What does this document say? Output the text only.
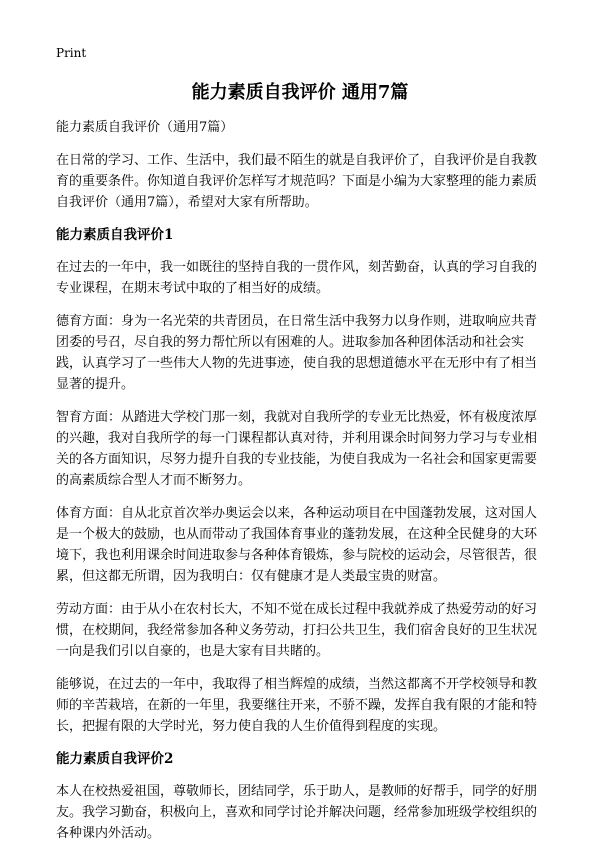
Print
能力素质自我评价 通用7篇
能力素质自我评价（通用7篇）

在日常的学习、工作、生活中，我们最不陌生的就是自我评价了，自我评价是自我教育的重要条件。你知道自我评价怎样写才规范吗？下面是小编为大家整理的能力素质自我评价（通用7篇），希望对大家有所帮助。

能力素质自我评价1

在过去的一年中，我一如既往的坚持自我的一贯作风，刻苦勤奋，认真的学习自我的专业课程，在期末考试中取的了相当好的成绩。

德育方面：身为一名光荣的共青团员，在日常生活中我努力以身作则，进取响应共青团委的号召，尽自我的努力帮忙所以有困难的人。进取参加各种团体活动和社会实践，认真学习了一些伟大人物的先进事迹，使自我的思想道德水平在无形中有了相当显著的提升。

智育方面：从踏进大学校门那一刻，我就对自我所学的专业无比热爱，怀有极度浓厚的兴趣，我对自我所学的每一门课程都认真对待，并利用课余时间努力学习与专业相关的各方面知识，尽努力提升自我的专业技能，为使自我成为一名社会和国家更需要的高素质综合型人才而不断努力。

体育方面：自从北京首次举办奥运会以来，各种运动项目在中国蓬勃发展，这对国人是一个极大的鼓励，也从而带动了我国体育事业的蓬勃发展，在这种全民健身的大环境下，我也利用课余时间进取参与各种体育锻炼，参与院校的运动会，尽管很苦，很累，但这都无所谓，因为我明白：仅有健康才是人类最宝贵的财富。

劳动方面：由于从小在农村长大，不知不觉在成长过程中我就养成了热爱劳动的好习惯，在校期间，我经常参加各种义务劳动，打扫公共卫生，我们宿舍良好的卫生状况一向是我们引以自豪的，也是大家有目共睹的。

能够说，在过去的一年中，我取得了相当辉煌的成绩，当然这都离不开学校领导和教师的辛苦栽培，在新的一年里，我要继往开来，不骄不躁，发挥自我有限的才能和特长，把握有限的大学时光，努力使自我的人生价值得到程度的实现。

能力素质自我评价2

本人在校热爱祖国，尊敬师长，团结同学，乐于助人，是教师的好帮手，同学的好朋友。我学习勤奋，积极向上，喜欢和同学讨论并解决问题，经常参加班级学校组织的各种课内外活动。
